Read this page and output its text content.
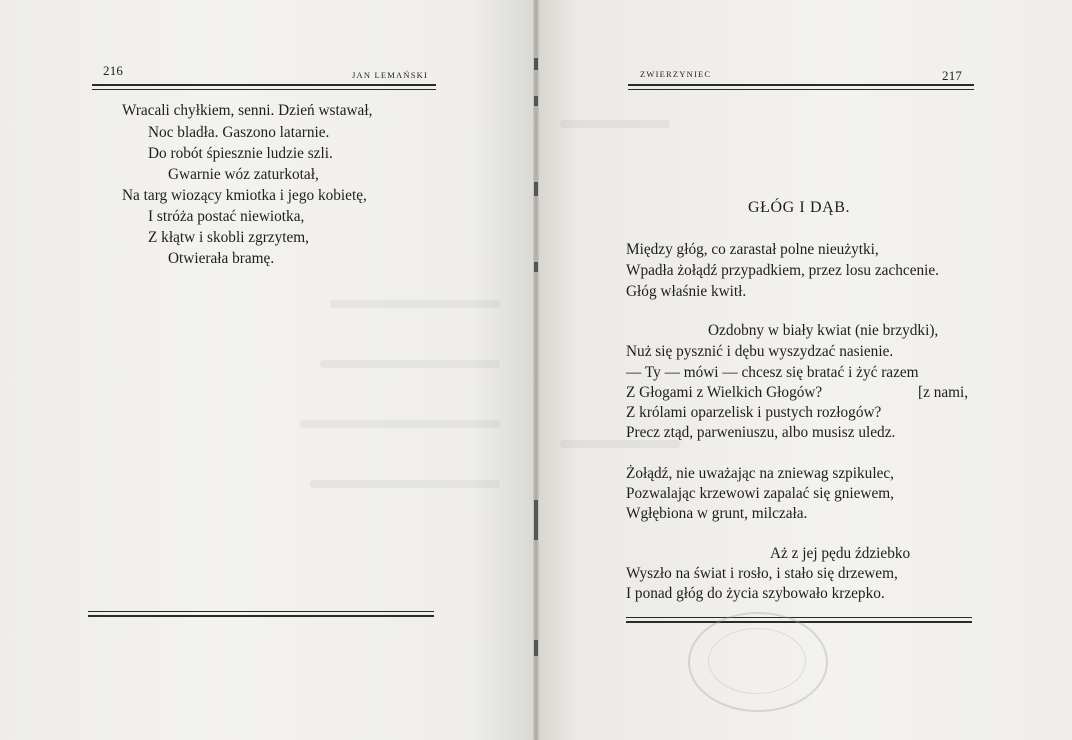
216	JAN LEMAŃSKI
Wracali chyłkiem, senni. Dzień wstawał,
Noc bladła. Gaszono latarnie.
Do robót śpiesznie ludzie szli.
Gwarnie wóz zaturkotał,
Na targ wiozący kmiotka i jego kobietę,
I stróża postać niewiotka,
Z kłątw i skobli zgrzytem,
Otwierała bramę.
ZWIERZYNIEC	217
GŁÓG I DĄB.
Między głóg, co zarastał polne nieużytki,
Wpadła żołądź przypadkiem, przez losu zachcenie.
Głóg właśnie kwitł.
Ozdobny w biały kwiat (nie brzydki),
Nuż się pysznić i dębu wyszydzać nasienie.
— Ty — mówi — chcesz się bratać i żyć razem
Z Głogami z Wielkich Głogów?	[z nami,
Z królami oparzelisk i pustych rozłogów?
Precz ztąd, parweniuszu, albo musisz uledz.
Żołądź, nie uważając na zniewag szpikulec,
Pozwalając krzewowi zapalać się gniewem,
Wgłębiona w grunt, milczała.
Aż z jej pędu ździebko
Wyszło na świat i rosło, i stało się drzewem,
I ponad głóg do życia szybowało krzepko.
